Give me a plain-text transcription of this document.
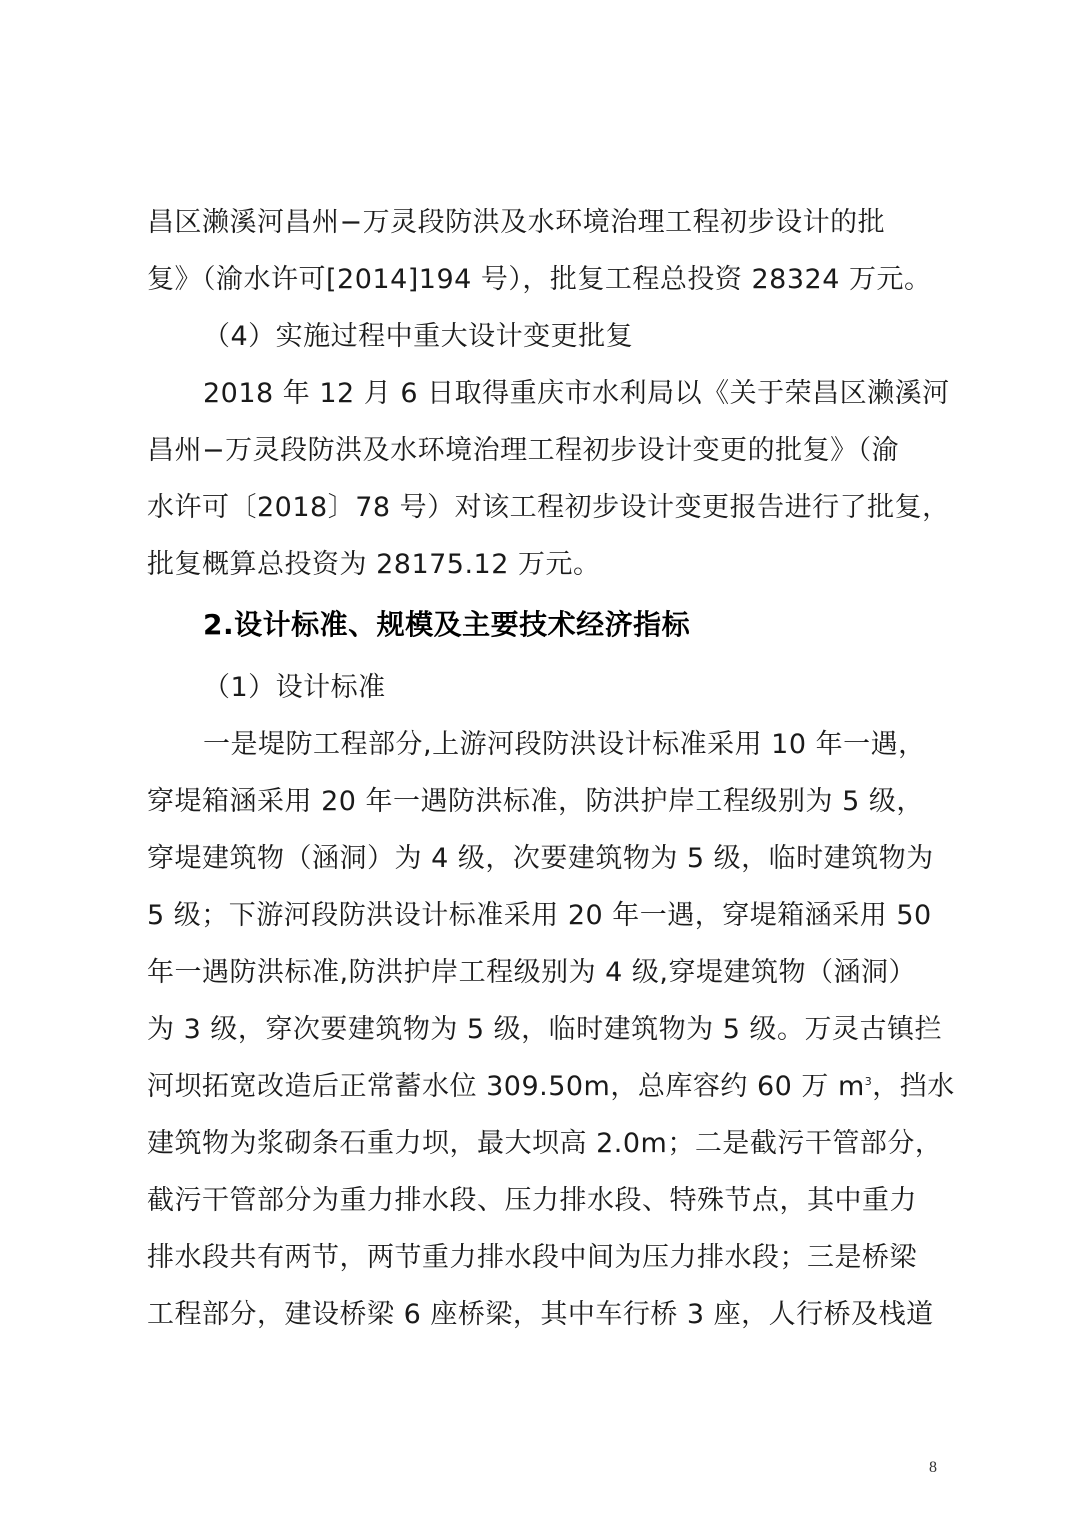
昌区濑溪河昌州−万灵段防洪及水环境治理工程初步设计的批
复》（渝水许可[2014]194 号），批复工程总投资 28324 万元。
（4）实施过程中重大设计变更批复
2018 年 12 月 6 日取得重庆市水利局以《关于荣昌区濑溪河
昌州−万灵段防洪及水环境治理工程初步设计变更的批复》（渝
水许可〔2018〕78 号）对该工程初步设计变更报告进行了批复，
批复概算总投资为 28175.12 万元。
2.设计标准、规模及主要技术经济指标
（1）设计标准
一是堤防工程部分,上游河段防洪设计标准采用 10 年一遇，
穿堤箱涵采用 20 年一遇防洪标准，防洪护岸工程级别为 5 级，
穿堤建筑物（涵洞）为 4 级，次要建筑物为 5 级，临时建筑物为
5 级；下游河段防洪设计标准采用 20 年一遇，穿堤箱涵采用 50
年一遇防洪标准,防洪护岸工程级别为 4 级,穿堤建筑物（涵洞）
为 3 级，穿次要建筑物为 5 级，临时建筑物为 5 级。万灵古镇拦
河坝拓宽改造后正常蓄水位 309.50m，总库容约 60 万 $m^3$，挡水
建筑物为浆砌条石重力坝，最大坝高 2.0m；二是截污干管部分，
截污干管部分为重力排水段、压力排水段、特殊节点，其中重力
排水段共有两节，两节重力排水段中间为压力排水段；三是桥梁
工程部分，建设桥梁 6 座桥梁，其中车行桥 3 座，人行桥及栈道
8
